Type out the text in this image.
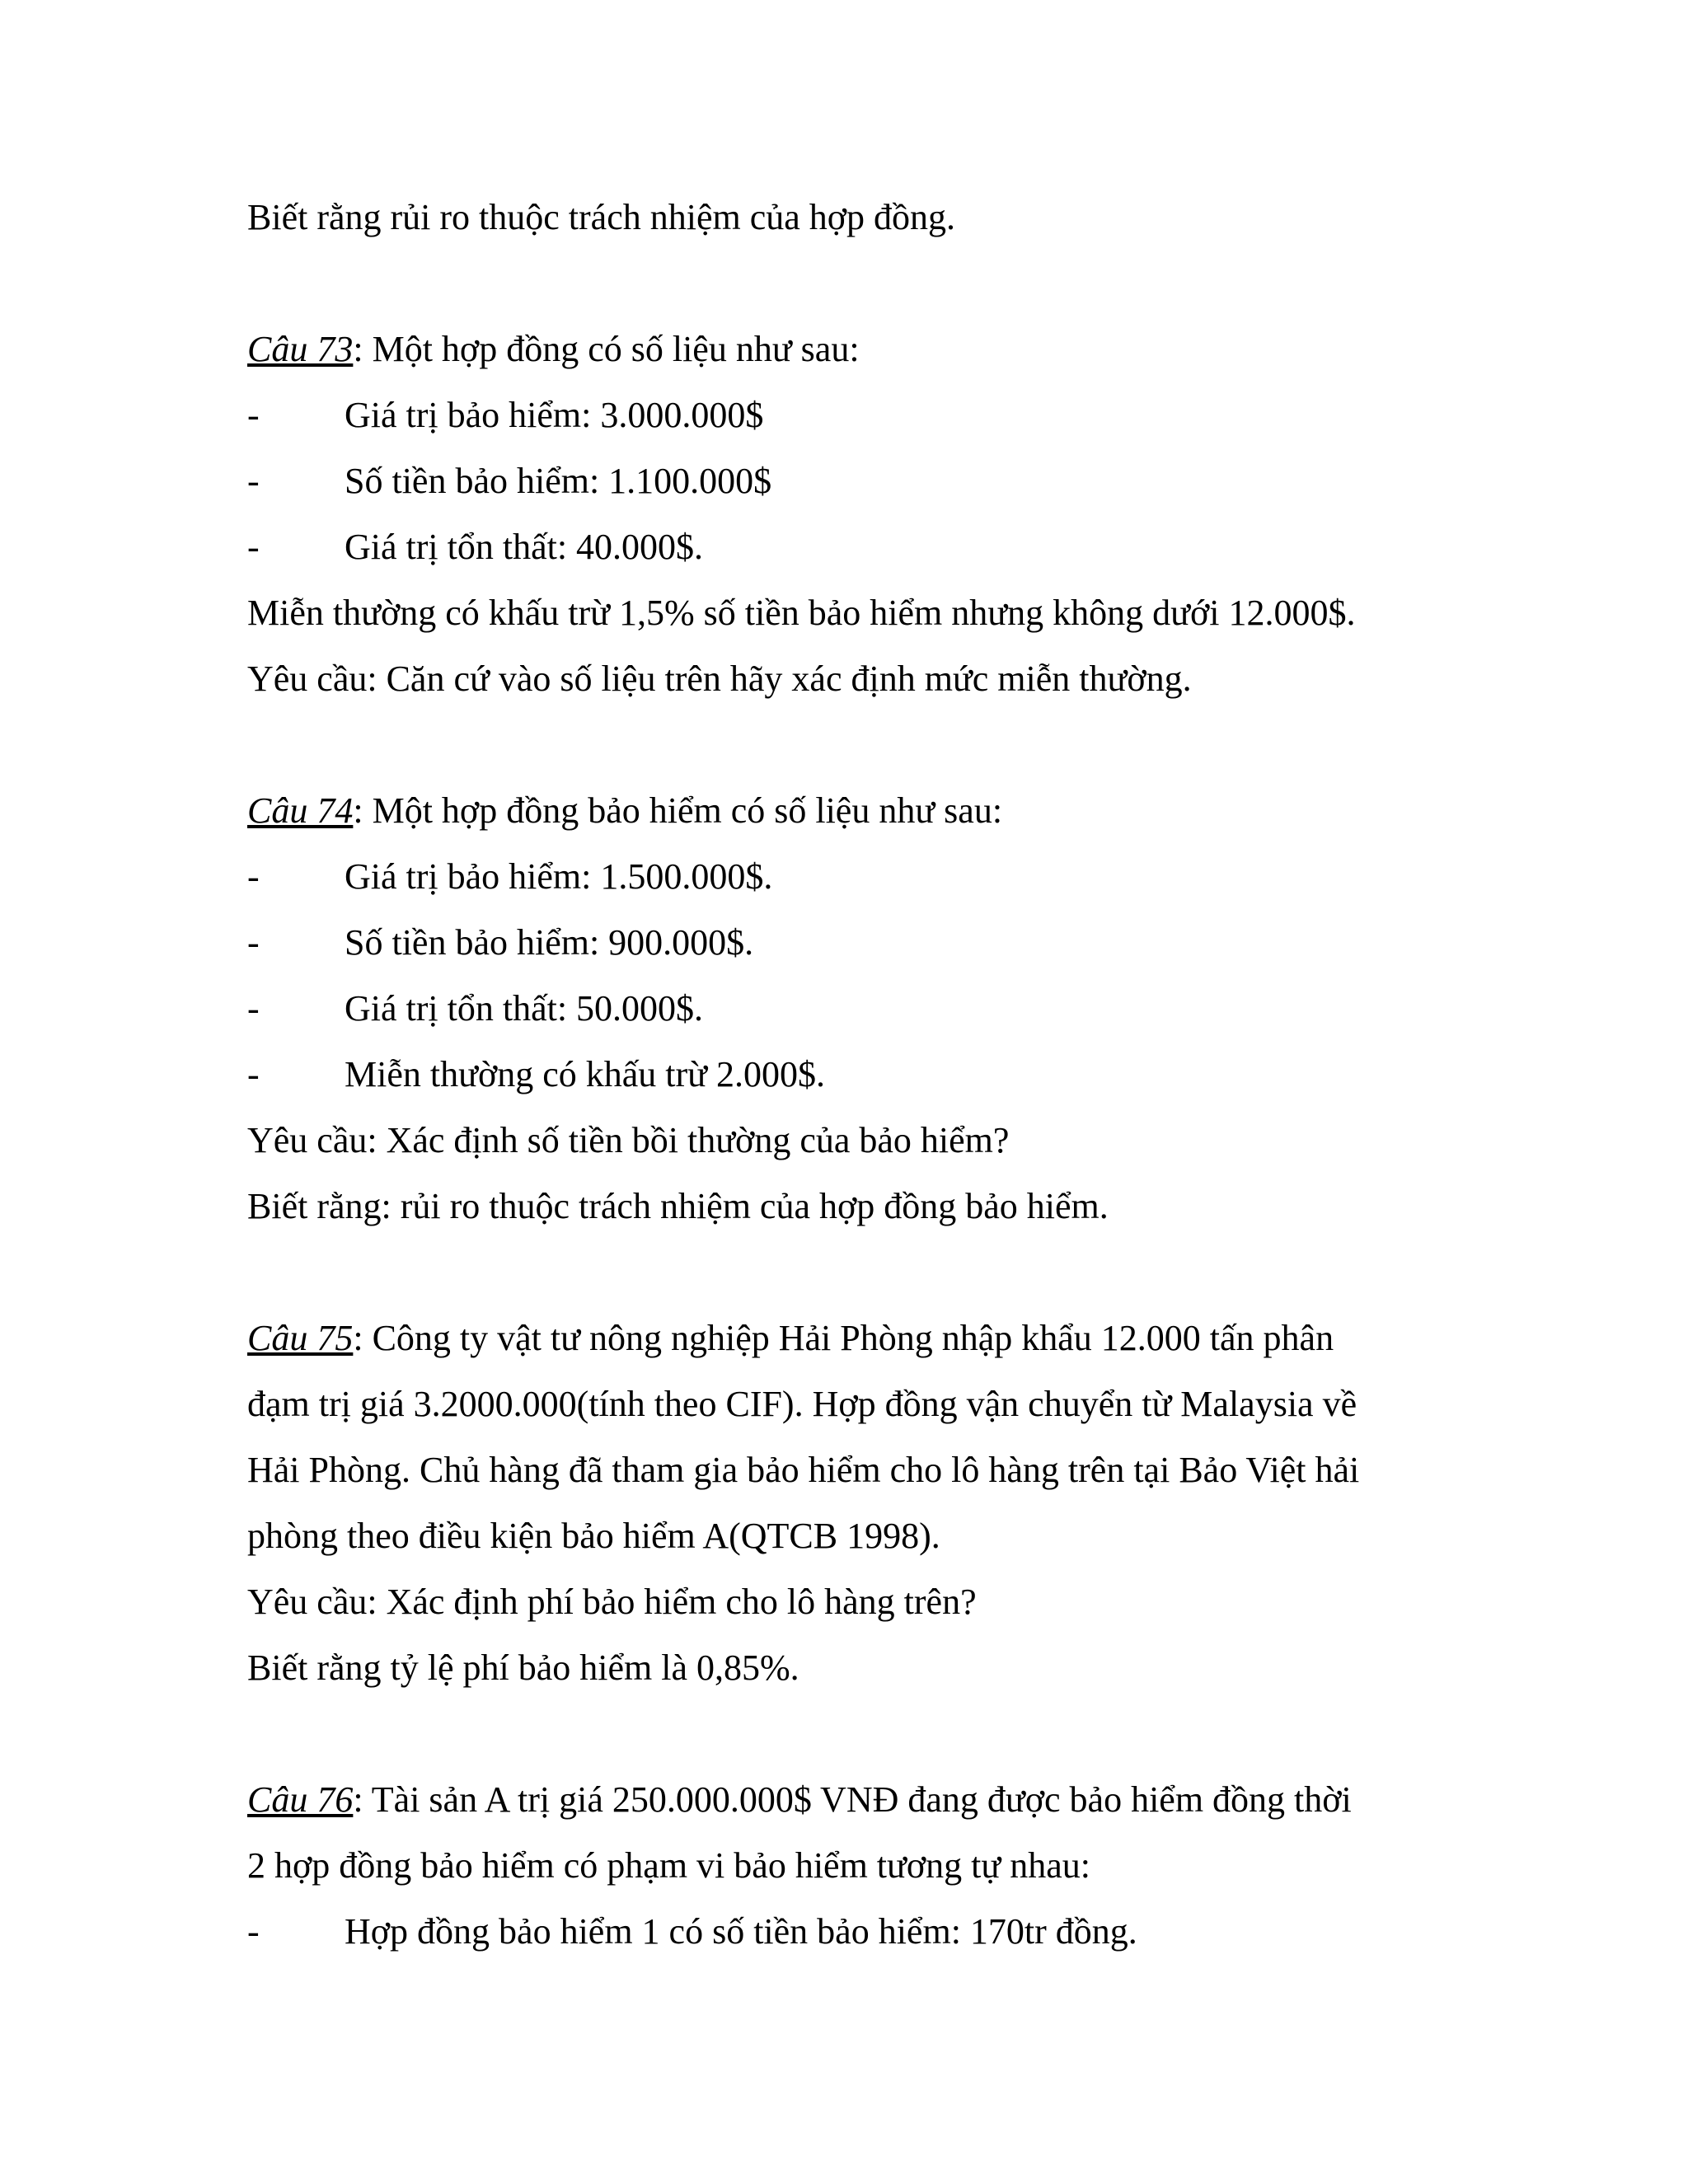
Biết rằng rủi ro thuộc trách nhiệm của hợp đồng.
Câu 73: Một hợp đồng có số liệu như sau:
- Giá trị bảo hiểm: 3.000.000$
- Số tiền bảo hiểm: 1.100.000$
- Giá trị tổn thất: 40.000$.
Miễn thường có khấu trừ 1,5% số tiền bảo hiểm nhưng không dưới 12.000$.
Yêu cầu: Căn cứ vào số liệu trên hãy xác định mức miễn thường.
Câu 74: Một hợp đồng bảo hiểm có số liệu như sau:
- Giá trị bảo hiểm: 1.500.000$.
- Số tiền bảo hiểm: 900.000$.
- Giá trị tổn thất: 50.000$.
- Miễn thường có khấu trừ 2.000$.
Yêu cầu: Xác định số tiền bồi thường của bảo hiểm?
Biết rằng: rủi ro thuộc trách nhiệm của hợp đồng bảo hiểm.
Câu 75: Công ty vật tư nông nghiệp Hải Phòng nhập khẩu 12.000 tấn phân
đạm trị giá 3.2000.000(tính theo CIF). Hợp đồng vận chuyển từ Malaysia về
Hải Phòng. Chủ hàng đã tham gia bảo hiểm cho lô hàng trên tại Bảo Việt hải
phòng theo điều kiện bảo hiểm A(QTCB 1998).
Yêu cầu: Xác định phí bảo hiểm cho lô hàng trên?
Biết rằng tỷ lệ phí bảo hiểm là 0,85%.
Câu 76: Tài sản A trị giá 250.000.000$ VNĐ đang được bảo hiểm đồng thời
2 hợp đồng bảo hiểm có phạm vi bảo hiểm tương tự nhau:
- Hợp đồng bảo hiểm 1 có số tiền bảo hiểm: 170tr đồng.
